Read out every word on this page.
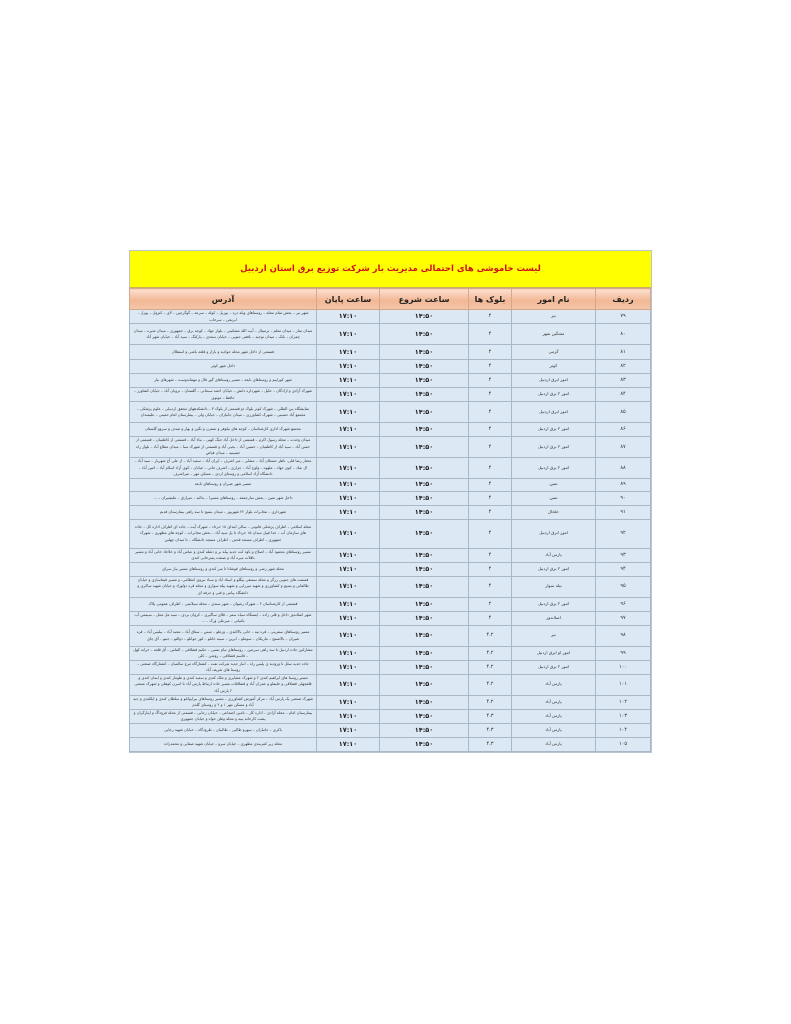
لیست خاموشی های احتمالی مدیریت بار شرکت توزیع برق استان اردبیل
ردیف	نام امور	بلوک ها	ساعت شروع	ساعت پایان	آدرس
۷۹	نیر	۴	۱۴:۵۰	۱۷:۱۰	شهر نیر – بخش تمام محله – روستاهای ویله دره – بوزیل – کوله – سرعه – گوگرچین – لای – کنزول – یوزل – ایرنجی – سرخاب
۸۰	مشگین شهر	۴	۱۴:۵۰	۱۷:۱۰	میدان نماز – میدان معلم – ترمینال – آیت الله مشکینی – بلوار جهاد – کوچه برق – جمهوری – میدان شیره – میدان چمران – بانک – میدان توحید – بافقی جنوبی – خیابان سعدی – پارکنگ – سید آباد – خیابان شهر آباد
۸۱	گرمی	۴	۱۴:۵۰	۱۷:۱۰	قسمتی از داخل شهر محله جوادیه و بازار و قلعه باشی و استقلال
۸۲	کوثر	۴	۱۴:۵۰	۱۷:۱۰	داخل شهر کوثر
۸۳	امور ابرق اردبیل	۴	۱۴:۵۰	۱۷:۱۰	شهر کوراییم و روستاهای تابعه – مسیر روستاهای گور قال و مهماندوست – شهرهای نیار
۸۴	امور ۲ برق اردبیل	۴	۱۴:۵۰	۱۷:۱۰	شهرک آزادی و ازادگان – خلیل – شهرداره دانش – خیابان احمد سبحانی – گلستان – ترویان آباد – خیابان کشاورز – حافظ – موتوی
۸۵	امور ابرق اردبیل	۴	۱۴:۵۰	۱۷:۱۰	نمایشگاه بین المللی – شهرک کوثر بلوک دو قسمتی از بلوک ۳ – دانشکدههای محقق اردبیلی – علوم پزشکی – مجتمع آباد حسینی – شهرک کشاورزی – میدان جانبازان – خیابان ولی – بیمارستان امام خمینی – علیمندان
۸۶	امور ۲ برق اردبیل	۴	۱۴:۵۰	۱۷:۱۰	مجتمع شهرک اداری کارشناسان – کوچه های نیلوفر و نسترن و نگین و بهار و صدف و سروو گلستان
۸۷	امور ۲ برق اردبیل	۴	۱۴:۵۰	۱۷:۱۰	میدان وحدت – محله رسول اکرم – قسمتی از داخل آباد جنگ کهنی – بناء آباد – قسمتی از کاظمیان – قسمتی از حسن آباد – سید آباد از کاظمیان – حسین آباد – یحیی آباد و قسمتی از شهرک سبا – میدان مطاع آباد – بلوار راه حسینیه – میدان فیاض
۸۸	امور ۲ برق اردبیل	۴	۱۴:۵۰	۱۷:۱۰	مختار رضا قلی، ناظر حسنلان آباد – مشایر – میر اشرف – ایران آباد – سعید آباد – از علی آخ شهریار – سید آباد – ال عباد – کوی جهاد – ملهوه – ولوح آباد – جزاری – اشرف خانی – خیابان – کوی آزاد اسلام آباد – امین آباد – دانشگاه آزاد اسلامی و روستای اردی – مسکن مهر – میراشرف
۸۹	نمین	۴	۱۴:۵۰	۱۷:۱۰	مسیر شهر عنبران و روستاهای تابعه
۹۰	نمین	۴	۱۴:۵۰	۱۷:۱۰	داخل شهر نمین – بخش سارجمعه – روستاهای مسیرا – بدالبد – میرازق – علیشیران – ...
۹۱	خلخال	۴	۱۴:۵۰	۱۷:۱۰	شهرداری – مخابرات بلوار ۲۲ شهریور – میدان بسیج تا سه راهی بیمارستان قدیم
۹۲	امور ابرق اردبیل	۴	۱۴:۵۰	۱۷:۱۰	محله اسلامی – اطراف پزشکی قانونی – سالی ابتدای ۱۸ خرداد – شهرک آیت – جاده ای اطراف اداره کل – جاده های سازمان آب – خدا قبیل میدان ۱۵ خرداد تا پل سید آباد – بخش مخابرات – کوچه های مطهری – شهرک جمهوری – اطراف مسجد قدس – اطراف مسجد دانشگاه – تا میدان چهلین
۹۳	پارس آباد	۴	۱۴:۵۰	۱۷:۱۰	مسیر روستاهای محمود آباد – اصلاح و ناوه کت جدید پیله بر و دشله کندی و عباس آباد و خلاجاد خانی آباد و مسیر باقلات میره آباد و صنعت پسرخانی کندی
۹۴	امور ۲ برق اردبیل	۴	۱۴:۵۰	۱۷:۱۰	محله شهر رضی و روستاهای قوشانا تا میر کندی و روستاهای مسیر نیار سرای
۹۵	بیله سوار	۴	۱۴:۵۰	۱۷:۱۰	قسمت های جنوبی زرگر و محله سمنقی بیگلو و استاد اباد و سناد نیروی انتظامی، و مسیر قیماسازی و خیابان طالقانی و بسیج و کشاورزی و شهید میرزایی و شهید پیله سواری و محله قره دولوزاد و خیابان شهید ساکری و دانشگاه پیامی و فنی و حرفه ای
۹۶	امور ۲ برق اردبیل	۲	۱۴:۵۰	۱۷:۱۰	قسمتی از کارشناسان ۲ – شهرک رضوان – شهر سندی – محله سیلانیتی – اطراف عمومی پلاک
۹۷	اصلاندوز	۴	۱۴:۵۰	۱۷:۱۰	شهر اصلاندوز داخل و قلی زاده – ایستگاه سیاه سفر – قلای ساگیری – کروان بردی – سید مل محل – سیمس آب باغیانی – میرعلی ورک – ...
۹۸	نیر	۴.۲	۱۴:۵۰	۱۷:۱۰	مسیر روستاهای سفرینی – قره تپه – خانی بالاکندی – ورغلو – میس – ستاق آباد – مجید آباد – بیلیس آباد – قره شیران – بالاصمچ – ماریکان – سوملو – ابرین – سینه خانلو – کور جوانلو – دوالتو – جبتو – آق چای
۹۹	امور او ابرق اردبیل	۴.۲	۱۴:۵۰	۱۷:۱۰	مشارکین جاده اردبیل تا سه راهی سرعین – روستاهای نیام نسبی – حکیم قشلاقی – الماس – آق قلعه – خرانه کهل – قاسم قشلاقی – روشن – کلی
۱۰۰	امور ۲ برق اردبیل	۴.۲	۱۴:۵۰	۱۷:۱۰	جاده جدید سلل تا ورودیه ی پلیس راه – انبار جدید شرکت نفت – کشتارگاه مرغ سالمیان – کشتارگاه صنعتی – روستا های شریف آباد
۱۰۱	پارس آباد	۴.۲	۱۴:۵۰	۱۷:۱۰	مسیر روستا های ابراهیم کندی ۲ و شهرک عشایری و ملک کندی و سعید کندی و طومار کندی و ایمان کندی و قلعچهلی قشلاقی و خلیفلو و عمران آباد و قشلاقات مسیر جاده ارتباط پارس آباد تا اسرن کوهلی و شهرک صنعتی ۲ پارس آباد
۱۰۲	پارس آباد	۴.۲	۱۴:۵۰	۱۷:۱۰	شهرک صنعتی یک پارس آباد – مرکز آموزش کشاورزی – مسیر روستاهای بیرایوانلو و سلطان کندی و ایلکندی و جبه آباد و مسکن مهر ۱ و ۲ و روستای گلدم
۱۰۳	پارس آباد	۴.۳	۱۴:۵۰	۱۷:۱۰	بیمارستان امام – محله آزادی – اداره کار – تامین اجتماعی – خیابان رجایی – قسمتی از محله قروداگ و ایثارگران و پشت کارخانه پنبه و محله وطن خواه و خیابان جمهوری
۱۰۴	پارس آباد	۴.۳	۱۴:۵۰	۱۷:۱۰	باکری – جانبازان – سهرو طالبی – طالبیان – طرودگاه – خیابان شهید رجایی
۱۰۵	پارس آباد	۴.۳	۱۴:۵۰	۱۷:۱۰	محله زیر کمربندی مطهری – خیابان سرو – خیابان شهید صفایی و محمدزاده
